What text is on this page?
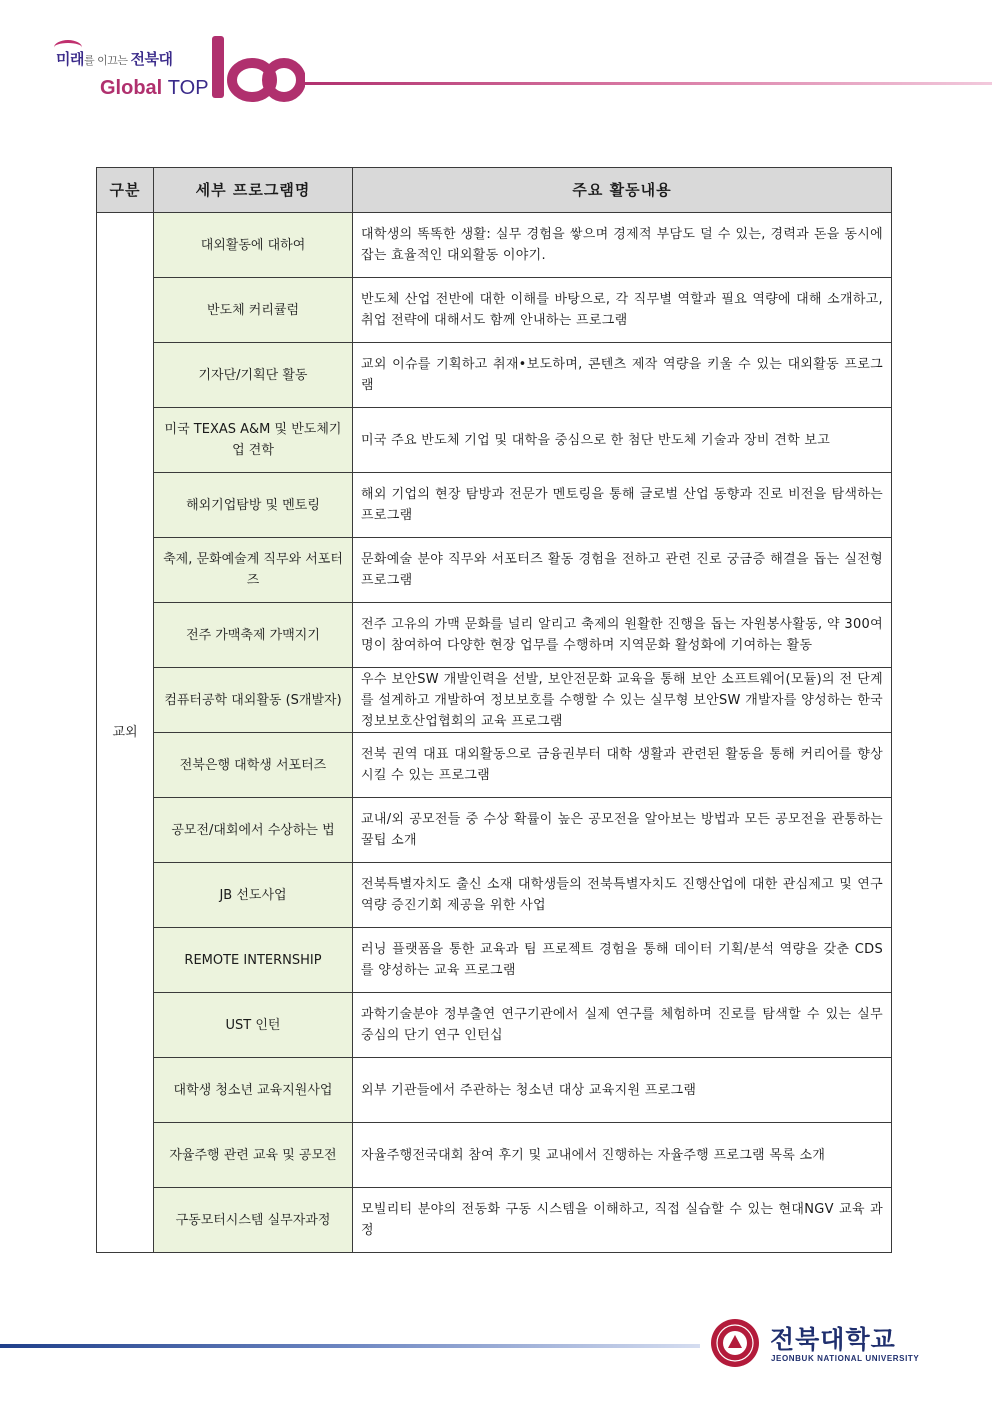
미래를 이끄는 전북대
Global TOP
구분	세부 프로그램명	주요 활동내용
교외	대외활동에 대하여	대학생의 똑똑한 생활: 실무 경험을 쌓으며 경제적 부담도 덜 수 있는, 경력과 돈을 동시에 잡는 효율적인 대외활동 이야기.
	반도체 커리큘럼	반도체 산업 전반에 대한 이해를 바탕으로, 각 직무별 역할과 필요 역량에 대해 소개하고, 취업 전략에 대해서도 함께 안내하는 프로그램
	기자단/기획단 활동	교외 이슈를 기획하고 취재•보도하며, 콘텐츠 제작 역량을 키울 수 있는 대외활동 프로그램
	미국 TEXAS A&M 및 반도체기업 견학	미국 주요 반도체 기업 및 대학을 중심으로 한 첨단 반도체 기술과 장비 견학 보고
	해외기업탐방 및 멘토링	해외 기업의 현장 탐방과 전문가 멘토링을 통해 글로벌 산업 동향과 진로 비전을 탐색하는 프로그램
	축제, 문화예술계 직무와 서포터즈	문화예술 분야 직무와 서포터즈 활동 경험을 전하고 관련 진로 궁금증 해결을 돕는 실전형 프로그램
	전주 가맥축제 가맥지기	전주 고유의 가맥 문화를 널리 알리고 축제의 원활한 진행을 돕는 자원봉사활동, 약 300여 명이 참여하여 다양한 현장 업무를 수행하며 지역문화 활성화에 기여하는 활동
	컴퓨터공학 대외활동 (S개발자)	우수 보안SW 개발인력을 선발, 보안전문화 교육을 통해 보안 소프트웨어(모듈)의 전 단계를 설계하고 개발하여 정보보호를 수행할 수 있는 실무형 보안SW 개발자를 양성하는 한국정보보호산업협회의 교육 프로그램
	전북은행 대학생 서포터즈	전북 권역 대표 대외활동으로 금융권부터 대학 생활과 관련된 활동을 통해 커리어를 향상시킬 수 있는 프로그램
	공모전/대회에서 수상하는 법	교내/외 공모전들 중 수상 확률이 높은 공모전을 알아보는 방법과 모든 공모전을 관통하는 꿀팁 소개
	JB 선도사업	전북특별자치도 출신 소재 대학생들의 전북특별자치도 진행산업에 대한 관심제고 및 연구역량 증진기회 제공을 위한 사업
	REMOTE INTERNSHIP	러닝 플랫폼을 통한 교육과 팀 프로젝트 경험을 통해 데이터 기획/분석 역량을 갖춘 CDS를 양성하는 교육 프로그램
	UST 인턴	과학기술분야 정부출연 연구기관에서 실제 연구를 체험하며 진로를 탐색할 수 있는 실무 중심의 단기 연구 인턴십
	대학생 청소년 교육지원사업	외부 기관들에서 주관하는 청소년 대상 교육지원 프로그램
	자율주행 관련 교육 및 공모전	자율주행전국대회 참여 후기 및 교내에서 진행하는 자율주행 프로그램 목록 소개
	구동모터시스템 실무자과정	모빌리티 분야의 전동화 구동 시스템을 이해하고, 직접 실습할 수 있는 현대NGV 교육 과정
전북대학교
JEONBUK NATIONAL UNIVERSITY
